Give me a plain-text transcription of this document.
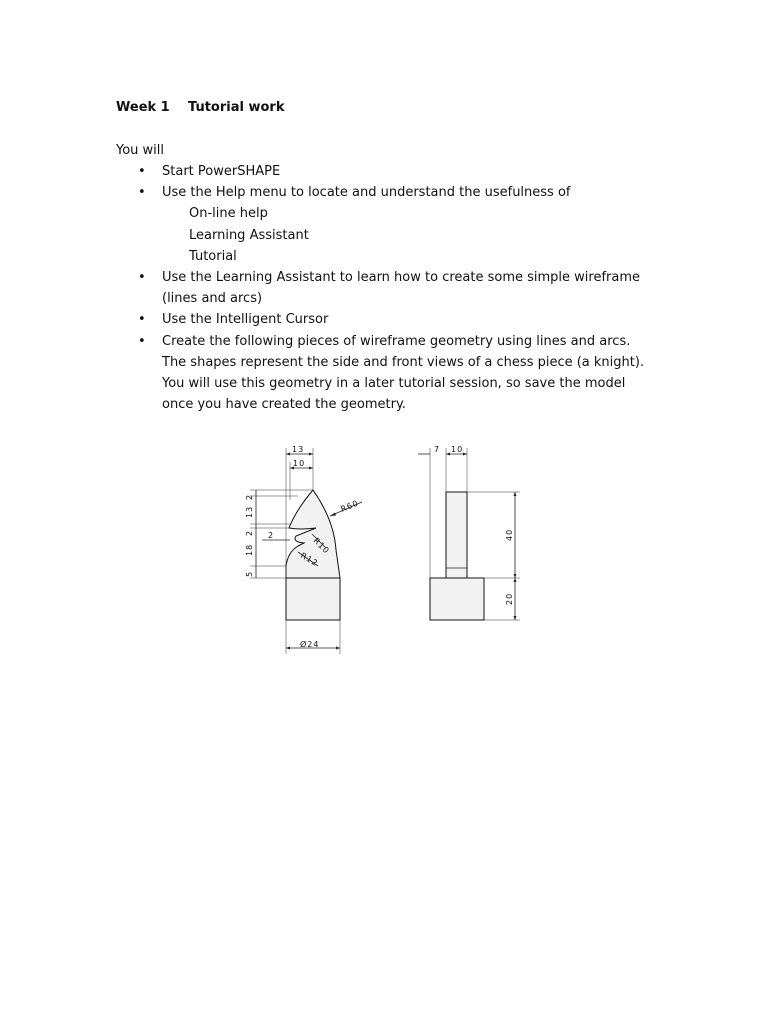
Week 1 Tutorial work
You will
• Start PowerSHAPE
• Use the Help menu to locate and understand the usefulness of
On-line help
Learning Assistant
Tutorial
• Use the Learning Assistant to learn how to create some simple wireframe
(lines and arcs)
• Use the Intelligent Cursor
• Create the following pieces of wireframe geometry using lines and arcs.
The shapes represent the side and front views of a chess piece (a knight).
You will use this geometry in a later tutorial session, so save the model
once you have created the geometry.
13
10
2
13
2
18
5
2
R60
R10
R12
Ø24
7 10
40
20
